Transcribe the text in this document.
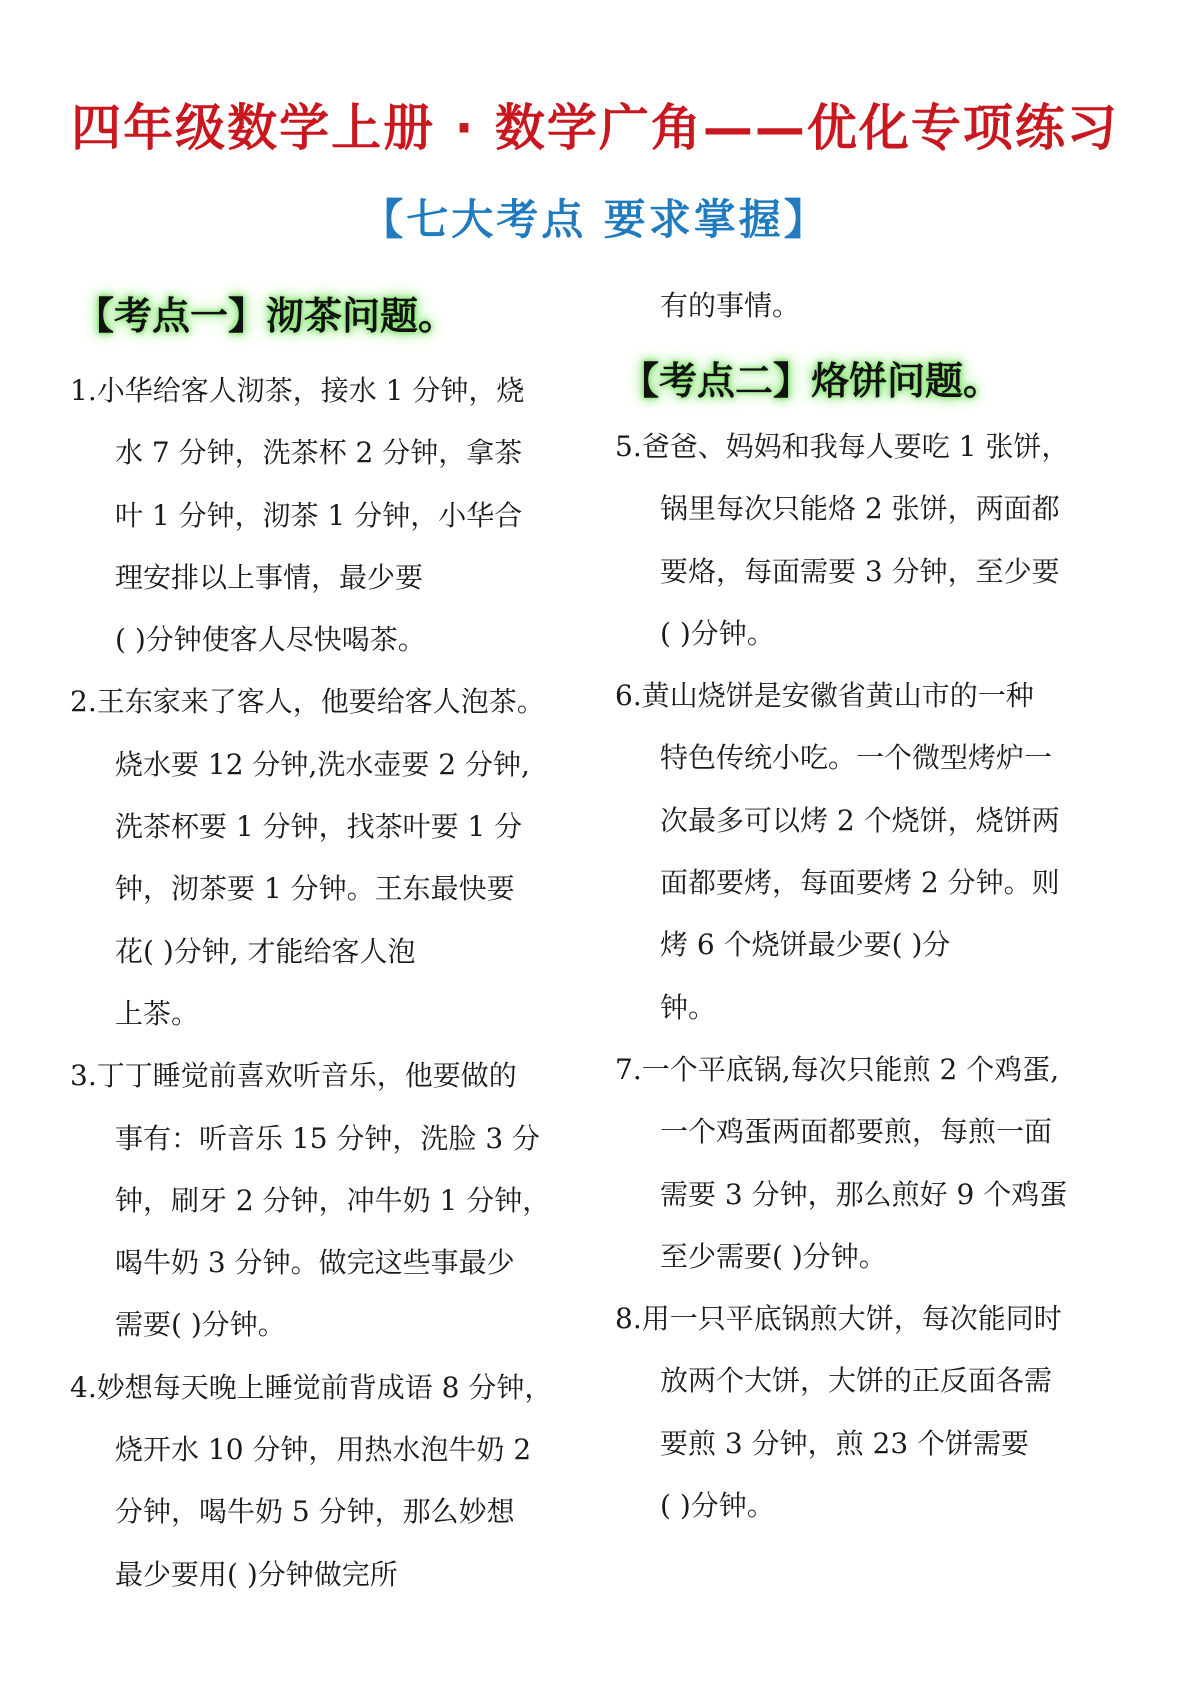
四年级数学上册 · 数学广角——优化专项练习
【七大考点 要求掌握】
【考点一】沏茶问题。	有的事情。
【考点二】烙饼问题。
1.小华给客人沏茶，接水 1 分钟，烧
水 7 分钟，洗茶杯 2 分钟，拿茶
叶 1 分钟，沏茶 1 分钟，小华合
理安排以上事情，最少要
( )分钟使客人尽快喝茶。
2.王东家来了客人，他要给客人泡茶。
烧水要 12 分钟,洗水壶要 2 分钟,
洗茶杯要 1 分钟，找茶叶要 1 分
钟，沏茶要 1 分钟。王东最快要
花( )分钟, 才能给客人泡
上茶。
3.丁丁睡觉前喜欢听音乐，他要做的
事有：听音乐 15 分钟，洗脸 3 分
钟，刷牙 2 分钟，冲牛奶 1 分钟，
喝牛奶 3 分钟。做完这些事最少
需要( )分钟。
4.妙想每天晚上睡觉前背成语 8 分钟，
烧开水 10 分钟，用热水泡牛奶 2
分钟，喝牛奶 5 分钟，那么妙想
最少要用( )分钟做完所
5.爸爸、妈妈和我每人要吃 1 张饼，
锅里每次只能烙 2 张饼，两面都
要烙，每面需要 3 分钟，至少要
( )分钟。
6.黄山烧饼是安徽省黄山市的一种
特色传统小吃。一个微型烤炉一
次最多可以烤 2 个烧饼，烧饼两
面都要烤，每面要烤 2 分钟。则
烤 6 个烧饼最少要( )分
钟。
7.一个平底锅,每次只能煎 2 个鸡蛋,
一个鸡蛋两面都要煎，每煎一面
需要 3 分钟，那么煎好 9 个鸡蛋
至少需要( )分钟。
8.用一只平底锅煎大饼，每次能同时
放两个大饼，大饼的正反面各需
要煎 3 分钟，煎 23 个饼需要
( )分钟。
